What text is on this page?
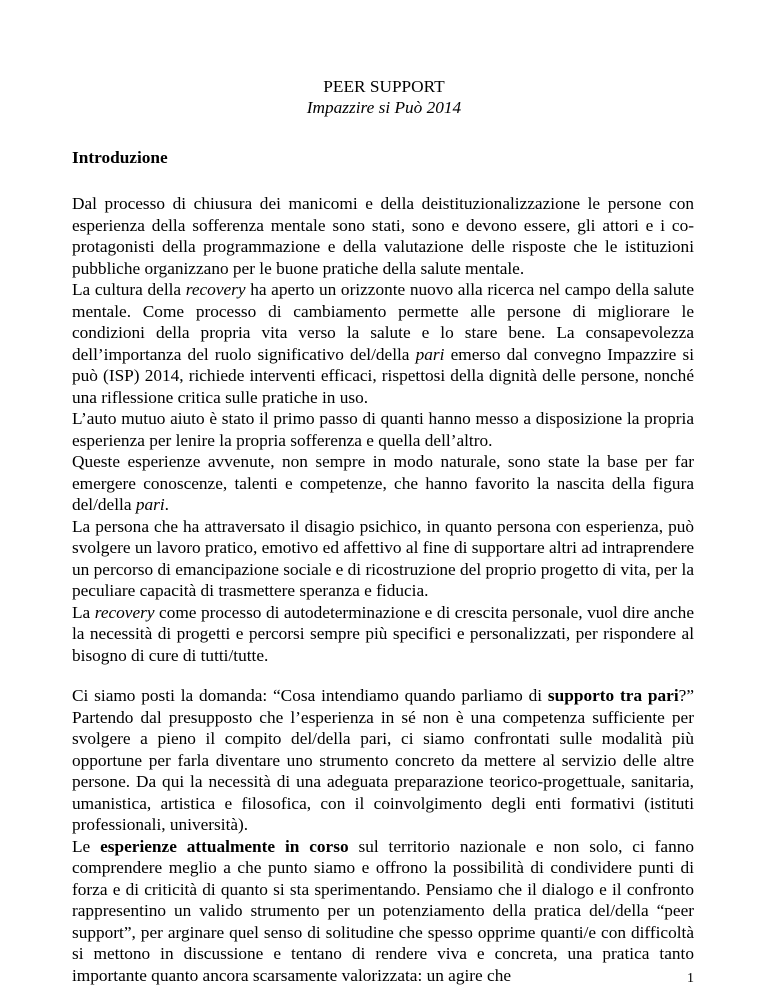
PEER SUPPORT
Impazzire si Può 2014
Introduzione

Dal processo di chiusura dei manicomi e della deistituzionalizzazione le persone con esperienza della sofferenza mentale sono stati, sono e devono essere, gli attori e i co-protagonisti della programmazione e della valutazione delle risposte che le istituzioni pubbliche organizzano per le buone pratiche della salute mentale.

La cultura della recovery ha aperto un orizzonte nuovo alla ricerca nel campo della salute mentale. Come processo di cambiamento permette alle persone di migliorare le condizioni della propria vita verso la salute e lo stare bene. La consapevolezza dell’importanza del ruolo significativo del/della pari emerso dal convegno Impazzire si può (ISP) 2014, richiede interventi efficaci, rispettosi della dignità delle persone, nonché una riflessione critica sulle pratiche in uso.

L’auto mutuo aiuto è stato il primo passo di quanti hanno messo a disposizione la propria esperienza per lenire la propria sofferenza e quella dell’altro.

Queste esperienze avvenute, non sempre in modo naturale, sono state la base per far emergere conoscenze, talenti e competenze, che hanno favorito la nascita della figura del/della pari.

La persona che ha attraversato il disagio psichico, in quanto persona con esperienza, può svolgere un lavoro pratico, emotivo ed affettivo al fine di supportare altri ad intraprendere un percorso di emancipazione sociale e di ricostruzione del proprio progetto di vita, per la peculiare capacità di trasmettere speranza e fiducia.

La recovery come processo di autodeterminazione e di crescita personale, vuol dire anche la necessità di progetti e percorsi sempre più specifici e personalizzati, per rispondere al bisogno di cure di tutti/tutte.

Ci siamo posti la domanda: “Cosa intendiamo quando parliamo di supporto tra pari?” Partendo dal presupposto che l’esperienza in sé non è una competenza sufficiente per svolgere a pieno il compito del/della pari, ci siamo confrontati sulle modalità più opportune per farla diventare uno strumento concreto da mettere al servizio delle altre persone. Da qui la necessità di una adeguata preparazione teorico-progettuale, sanitaria, umanistica, artistica e filosofica, con il coinvolgimento degli enti formativi (istituti professionali, università).

Le esperienze attualmente in corso sul territorio nazionale e non solo, ci fanno comprendere meglio a che punto siamo e offrono la possibilità di condividere punti di forza e di criticità di quanto si sta sperimentando. Pensiamo che il dialogo e il confronto rappresentino un valido strumento per un potenziamento della pratica del/della “peer support”, per arginare quel senso di solitudine che spesso opprime quanti/e con difficoltà si mettono in discussione e tentano di rendere viva e concreta, una pratica tanto importante quanto ancora scarsamente valorizzata: un agire che	1
